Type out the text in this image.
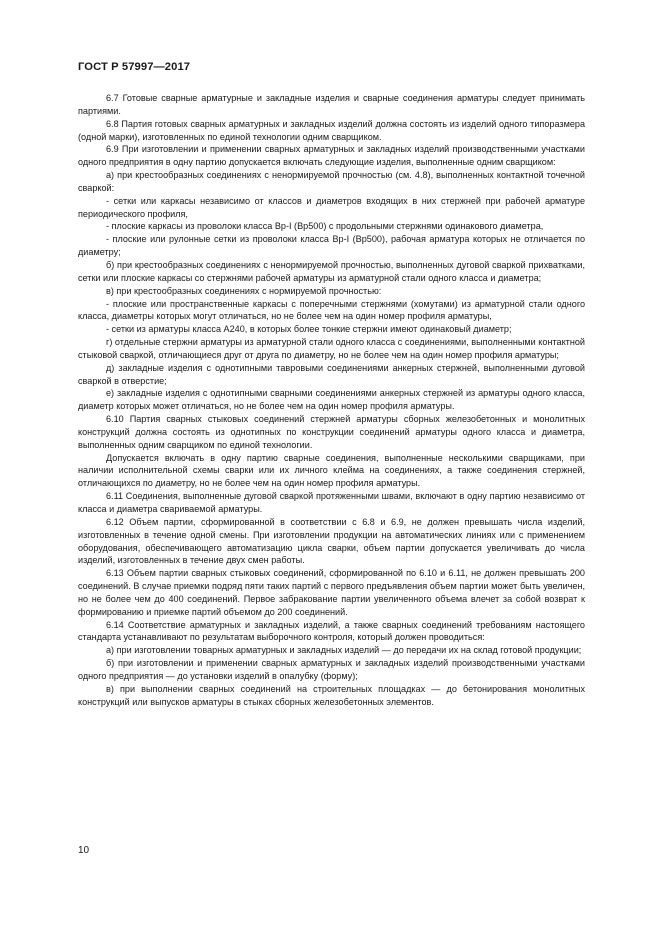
ГОСТ Р 57997—2017

6.7 Готовые сварные арматурные и закладные изделия и сварные соединения арматуры следует принимать партиями.

6.8 Партия готовых сварных арматурных и закладных изделий должна состоять из изделий одного типоразмера (одной марки), изготовленных по единой технологии одним сварщиком.

6.9 При изготовлении и применении сварных арматурных и закладных изделий производственными участками одного предприятия в одну партию допускается включать следующие изделия, выполненные одним сварщиком:

а) при крестообразных соединениях с ненормируемой прочностью (см. 4.8), выполненных контактной точечной сваркой:

- сетки или каркасы независимо от классов и диаметров входящих в них стержней при рабочей арматуре периодического профиля,

- плоские каркасы из проволоки класса Вр-I (Вр500) с продольными стержнями одинакового диаметра,

- плоские или рулонные сетки из проволоки класса Вр-I (Вр500), рабочая арматура которых не отличается по диаметру;

б) при крестообразных соединениях с ненормируемой прочностью, выполненных дуговой сваркой прихватками, сетки или плоские каркасы со стержнями рабочей арматуры из арматурной стали одного класса и диаметра;

в) при крестообразных соединениях с нормируемой прочностью:

- плоские или пространственные каркасы с поперечными стержнями (хомутами) из арматурной стали одного класса, диаметры которых могут отличаться, но не более чем на один номер профиля арматуры,

- сетки из арматуры класса А240, в которых более тонкие стержни имеют одинаковый диаметр;

г) отдельные стержни арматуры из арматурной стали одного класса с соединениями, выполненными контактной стыковой сваркой, отличающиеся друг от друга по диаметру, но не более чем на один номер профиля арматуры;

д) закладные изделия с однотипными тавровыми соединениями анкерных стержней, выполненными дуговой сваркой в отверстие;

е) закладные изделия с однотипными сварными соединениями анкерных стержней из арматуры одного класса, диаметр которых может отличаться, но не более чем на один номер профиля арматуры.

6.10 Партия сварных стыковых соединений стержней арматуры сборных железобетонных и монолитных конструкций должна состоять из однотипных по конструкции соединений арматуры одного класса и диаметра, выполненных одним сварщиком по единой технологии.

Допускается включать в одну партию сварные соединения, выполненные несколькими сварщиками, при наличии исполнительной схемы сварки или их личного клейма на соединениях, а также соединения стержней, отличающихся по диаметру, но не более чем на один номер профиля арматуры.

6.11 Соединения, выполненные дуговой сваркой протяженными швами, включают в одну партию независимо от класса и диаметра свариваемой арматуры.

6.12 Объем партии, сформированной в соответствии с 6.8 и 6.9, не должен превышать числа изделий, изготовленных в течение одной смены. При изготовлении продукции на автоматических линиях или с применением оборудования, обеспечивающего автоматизацию цикла сварки, объем партии допускается увеличивать до числа изделий, изготовленных в течение двух смен работы.

6.13 Объем партии сварных стыковых соединений, сформированной по 6.10 и 6.11, не должен превышать 200 соединений. В случае приемки подряд пяти таких партий с первого предъявления объем партии может быть увеличен, но не более чем до 400 соединений. Первое забракование партии увеличенного объема влечет за собой возврат к формированию и приемке партий объемом до 200 соединений.

6.14 Соответствие арматурных и закладных изделий, а также сварных соединений требованиям настоящего стандарта устанавливают по результатам выборочного контроля, который должен проводиться:

а) при изготовлении товарных арматурных и закладных изделий — до передачи их на склад готовой продукции;

б) при изготовлении и применении сварных арматурных и закладных изделий производственными участками одного предприятия — до установки изделий в опалубку (форму);

в) при выполнении сварных соединений на строительных площадках — до бетонирования монолитных конструкций или выпусков арматуры в стыках сборных железобетонных элементов.

10
